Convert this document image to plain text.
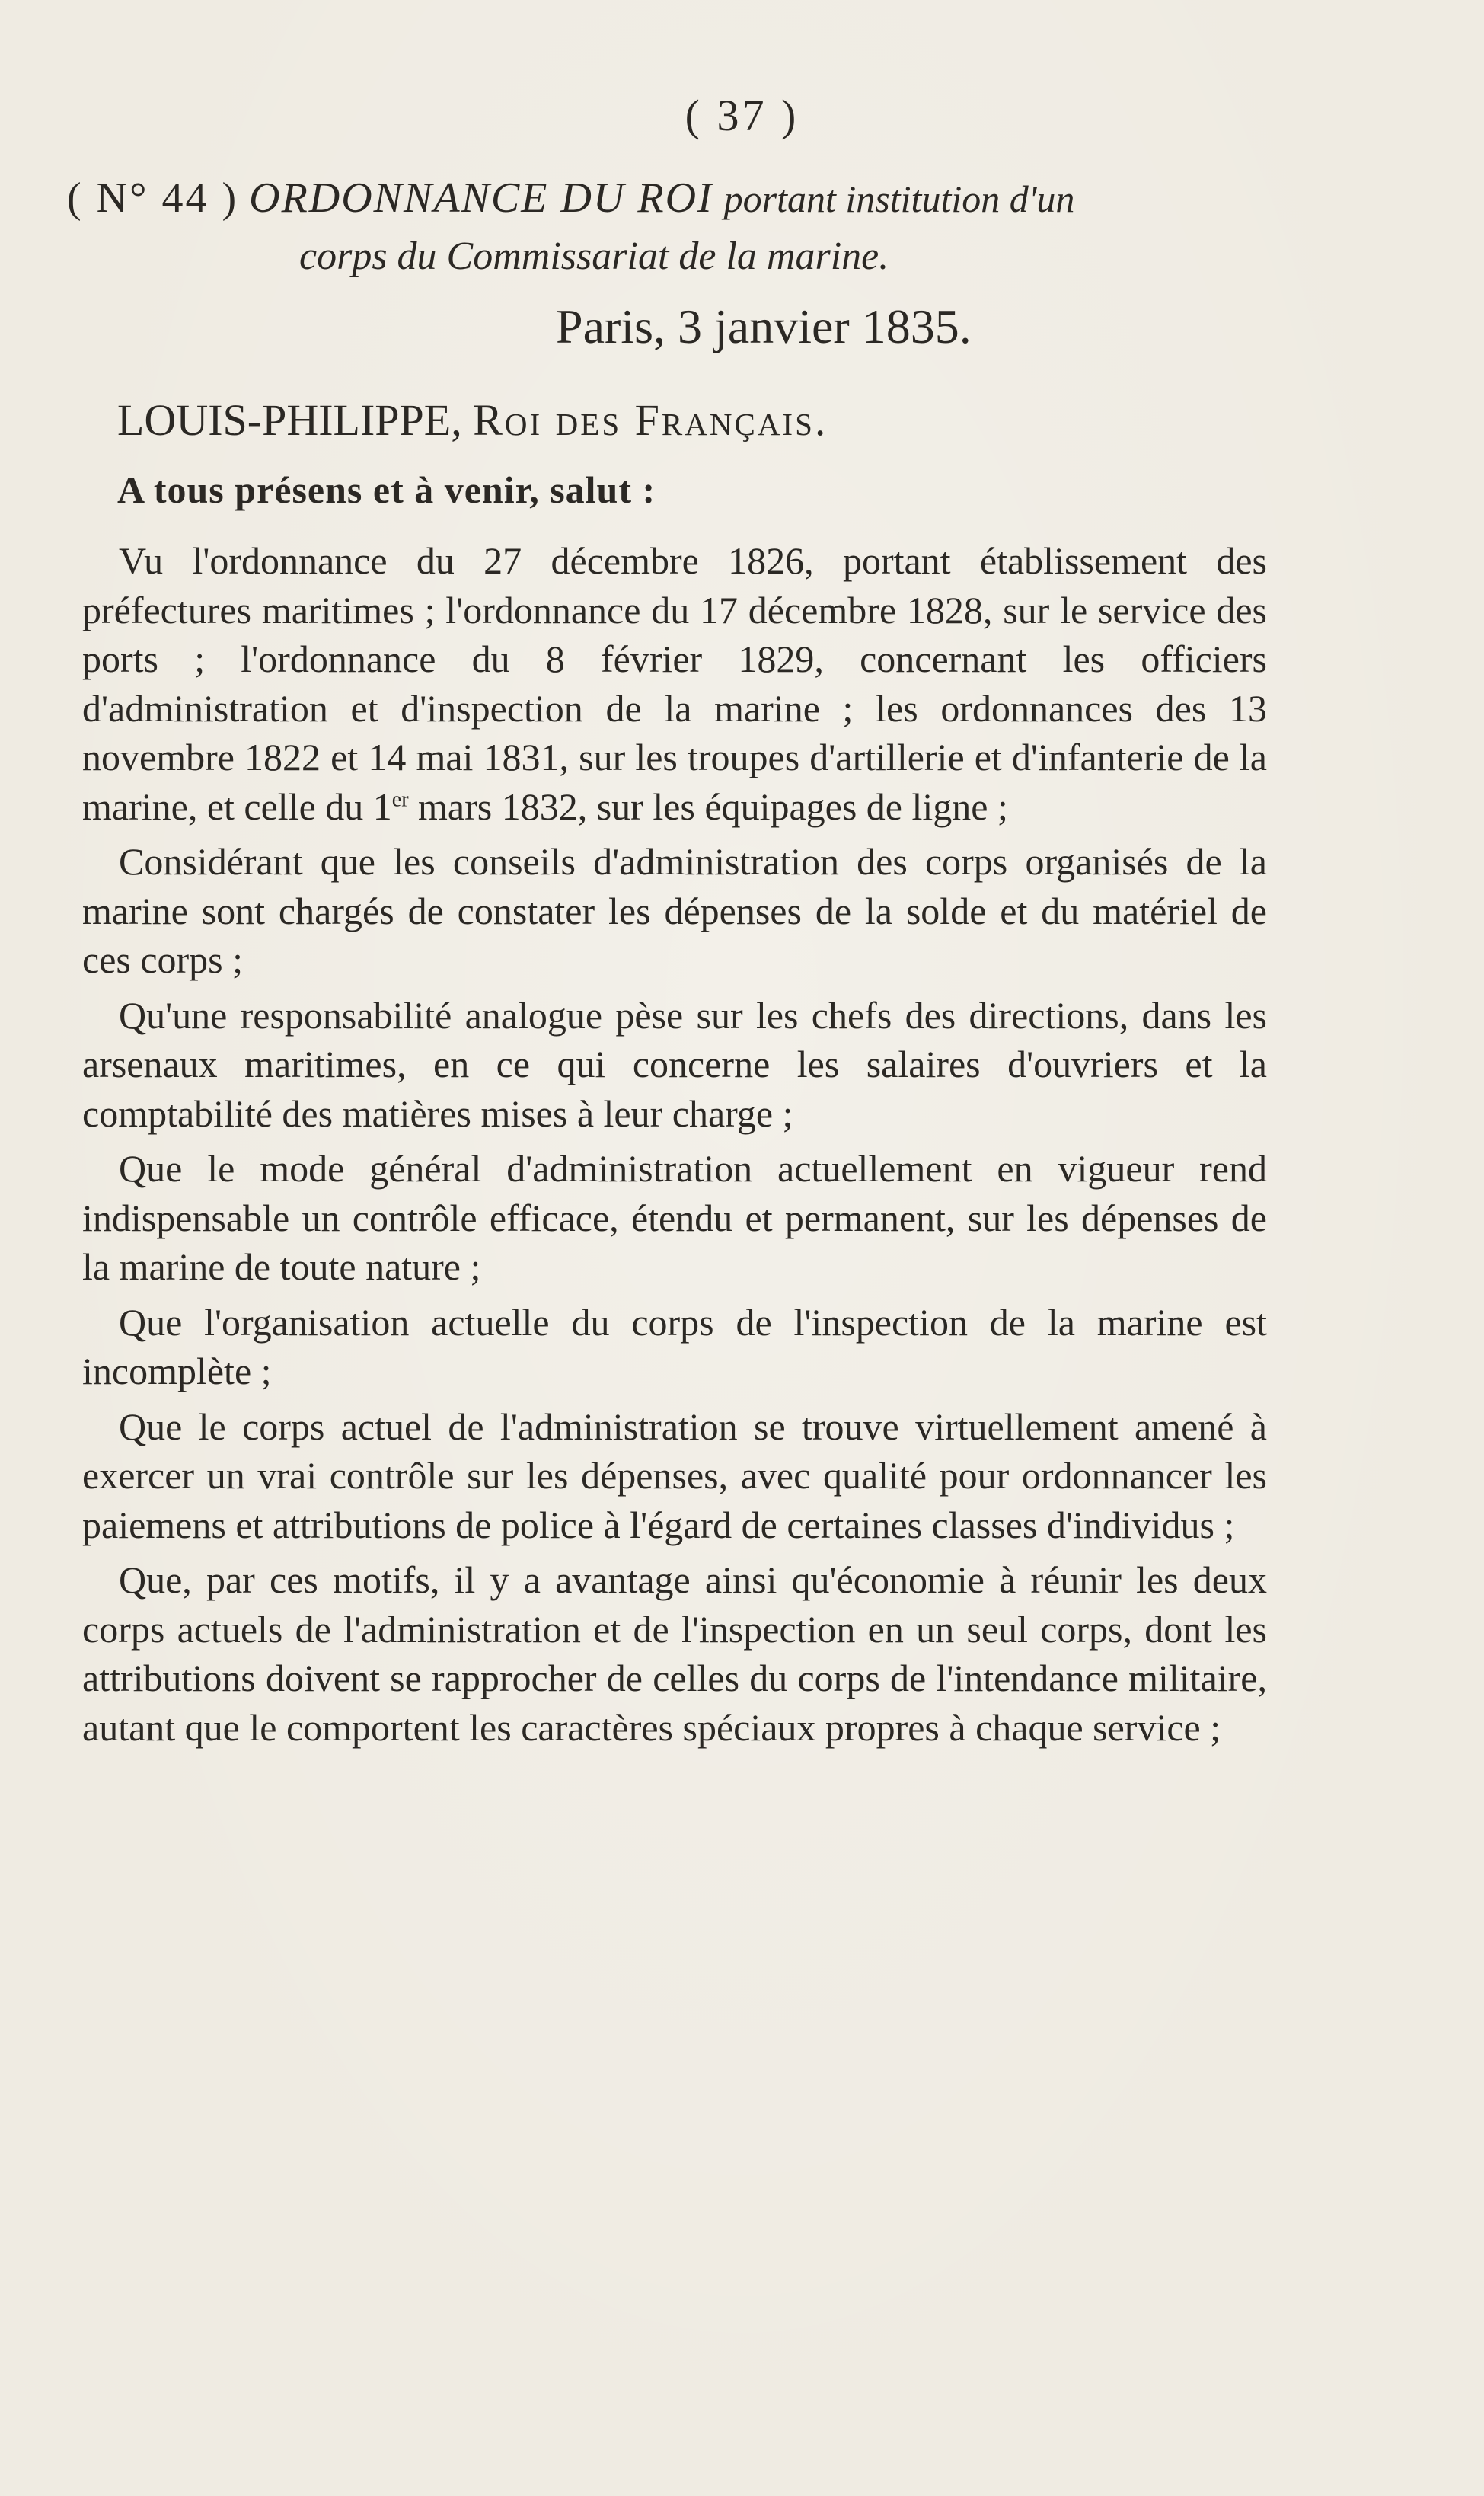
( 37 )
( N° 44 ) ORDONNANCE DU ROI portant institution d'un
corps du Commissariat de la marine.
Paris, 3 janvier 1835.
LOUIS-PHILIPPE, Roi des Français.
A tous présens et à venir, salut :

Vu l'ordonnance du 27 décembre 1826, portant établissement des préfectures maritimes ; l'ordonnance du 17 décembre 1828, sur le service des ports ; l'ordonnance du 8 février 1829, concernant les officiers d'administration et d'inspection de la marine ; les ordonnances des 13 novembre 1822 et 14 mai 1831, sur les troupes d'artillerie et d'infanterie de la marine, et celle du 1er mars 1832, sur les équipages de ligne ;

Considérant que les conseils d'administration des corps organisés de la marine sont chargés de constater les dépenses de la solde et du matériel de ces corps ;

Qu'une responsabilité analogue pèse sur les chefs des directions, dans les arsenaux maritimes, en ce qui concerne les salaires d'ouvriers et la comptabilité des matières mises à leur charge ;

Que le mode général d'administration actuellement en vigueur rend indispensable un contrôle efficace, étendu et permanent, sur les dépenses de la marine de toute nature ;

Que l'organisation actuelle du corps de l'inspection de la marine est incomplète ;

Que le corps actuel de l'administration se trouve virtuellement amené à exercer un vrai contrôle sur les dépenses, avec qualité pour ordonnancer les paiemens et attributions de police à l'égard de certaines classes d'individus ;

Que, par ces motifs, il y a avantage ainsi qu'économie à réunir les deux corps actuels de l'administration et de l'inspection en un seul corps, dont les attributions doivent se rapprocher de celles du corps de l'intendance militaire, autant que le comportent les caractères spéciaux propres à chaque service ;
